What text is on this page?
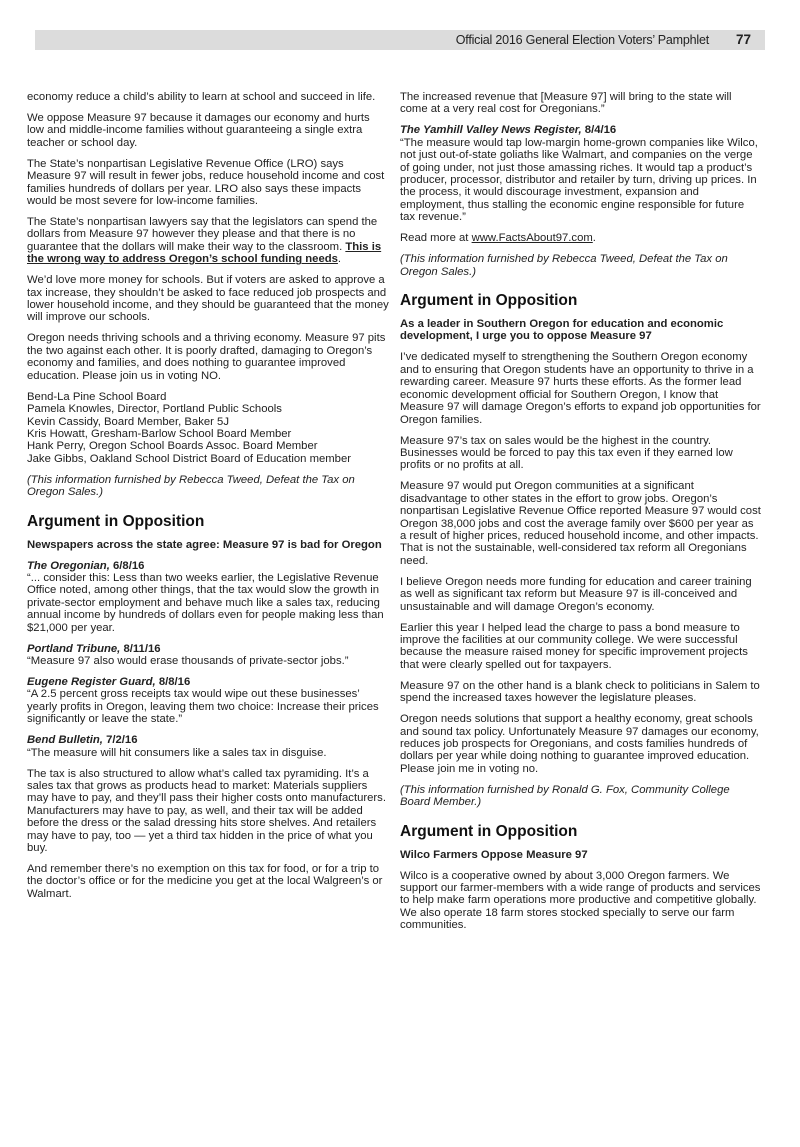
Official 2016 General Election Voters’ Pamphlet 77

economy reduce a child’s ability to learn at school and succeed in life.

We oppose Measure 97 because it damages our economy and hurts low and middle-income families without guaranteeing a single extra teacher or school day.

The State’s nonpartisan Legislative Revenue Office (LRO) says Measure 97 will result in fewer jobs, reduce household income and cost families hundreds of dollars per year. LRO also says these impacts would be most severe for low-income families.

The State’s nonpartisan lawyers say that the legislators can spend the dollars from Measure 97 however they please and that there is no guarantee that the dollars will make their way to the classroom. This is the wrong way to address Oregon’s school funding needs.

We’d love more money for schools. But if voters are asked to approve a tax increase, they shouldn’t be asked to face reduced job prospects and lower household income, and they should be guaranteed that the money will improve our schools.

Oregon needs thriving schools and a thriving economy. Measure 97 pits the two against each other. It is poorly drafted, damaging to Oregon’s economy and families, and does nothing to guarantee improved education. Please join us in voting NO.

Bend-La Pine School Board
Pamela Knowles, Director, Portland Public Schools
Kevin Cassidy, Board Member, Baker 5J
Kris Howatt, Gresham-Barlow School Board Member
Hank Perry, Oregon School Boards Assoc. Board Member
Jake Gibbs, Oakland School District Board of Education member

(This information furnished by Rebecca Tweed, Defeat the Tax on Oregon Sales.)

Argument in Opposition

Newspapers across the state agree: Measure 97 is bad for Oregon

The Oregonian, 6/8/16
“... consider this: Less than two weeks earlier, the Legislative Revenue Office noted, among other things, that the tax would slow the growth in private-sector employment and behave much like a sales tax, reducing annual income by hundreds of dollars even for people making less than $21,000 per year.

Portland Tribune, 8/11/16
“Measure 97 also would erase thousands of private-sector jobs.”

Eugene Register Guard, 8/8/16
“A 2.5 percent gross receipts tax would wipe out these businesses’ yearly profits in Oregon, leaving them two choice: Increase their prices significantly or leave the state.”

Bend Bulletin, 7/2/16
“The measure will hit consumers like a sales tax in disguise.

The tax is also structured to allow what’s called tax pyramiding. It’s a sales tax that grows as products head to market: Materials suppliers may have to pay, and they’ll pass their higher costs onto manufacturers. Manufacturers may have to pay, as well, and their tax will be added before the dress or the salad dressing hits store shelves. And retailers may have to pay, too — yet a third tax hidden in the price of what you buy.

And remember there’s no exemption on this tax for food, or for a trip to the doctor’s office or for the medicine you get at the local Walgreen’s or Walmart.

The increased revenue that [Measure 97] will bring to the state will come at a very real cost for Oregonians.”

The Yamhill Valley News Register, 8/4/16
“The measure would tap low-margin home-grown companies like Wilco, not just out-of-state goliaths like Walmart, and companies on the verge of going under, not just those amassing riches. It would tap a product’s producer, processor, distributor and retailer by turn, driving up prices. In the process, it would discourage investment, expansion and employment, thus stalling the economic engine responsible for future tax revenue.”

Read more at www.FactsAbout97.com.

(This information furnished by Rebecca Tweed, Defeat the Tax on Oregon Sales.)

Argument in Opposition

As a leader in Southern Oregon for education and economic development, I urge you to oppose Measure 97

I’ve dedicated myself to strengthening the Southern Oregon economy and to ensuring that Oregon students have an opportunity to thrive in a rewarding career. Measure 97 hurts these efforts. As the former lead economic development official for Southern Oregon, I know that Measure 97 will damage Oregon’s efforts to expand job opportunities for Oregon families.

Measure 97’s tax on sales would be the highest in the country. Businesses would be forced to pay this tax even if they earned low profits or no profits at all.

Measure 97 would put Oregon communities at a significant disadvantage to other states in the effort to grow jobs. Oregon’s nonpartisan Legislative Revenue Office reported Measure 97 would cost Oregon 38,000 jobs and cost the average family over $600 per year as a result of higher prices, reduced household income, and other impacts. That is not the sustainable, well-considered tax reform all Oregonians need.

I believe Oregon needs more funding for education and career training as well as significant tax reform but Measure 97 is ill-conceived and unsustainable and will damage Oregon’s economy.

Earlier this year I helped lead the charge to pass a bond measure to improve the facilities at our community college. We were successful because the measure raised money for specific improvement projects that were clearly spelled out for taxpayers.

Measure 97 on the other hand is a blank check to politicians in Salem to spend the increased taxes however the legislature pleases.

Oregon needs solutions that support a healthy economy, great schools and sound tax policy. Unfortunately Measure 97 damages our economy, reduces job prospects for Oregonians, and costs families hundreds of dollars per year while doing nothing to guarantee improved education. Please join me in voting no.

(This information furnished by Ronald G. Fox, Community College Board Member.)

Argument in Opposition

Wilco Farmers Oppose Measure 97

Wilco is a cooperative owned by about 3,000 Oregon farmers. We support our farmer-members with a wide range of products and services to help make farm operations more productive and competitive globally. We also operate 18 farm stores stocked specially to serve our farm communities.
